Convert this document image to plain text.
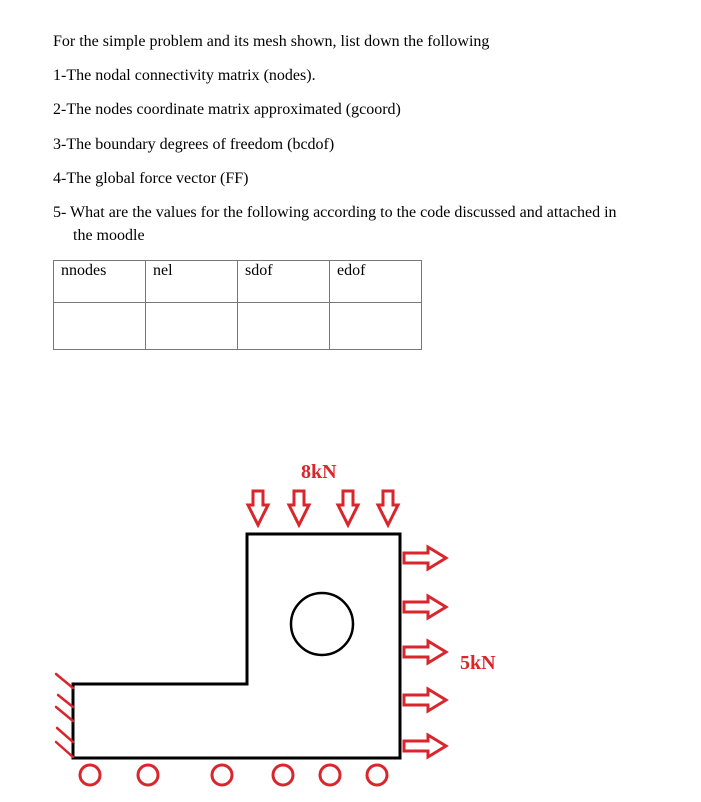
For the simple problem and its mesh shown, list down the following
1-The nodal connectivity matrix (nodes).
2-The nodes coordinate matrix approximated (gcoord)
3-The boundary degrees of freedom (bcdof)
4-The global force vector (FF)
5- What are the values for the following according to the code discussed and attached in
the moodle
nnodes	nel	sdof	edof

8kN
5kN
